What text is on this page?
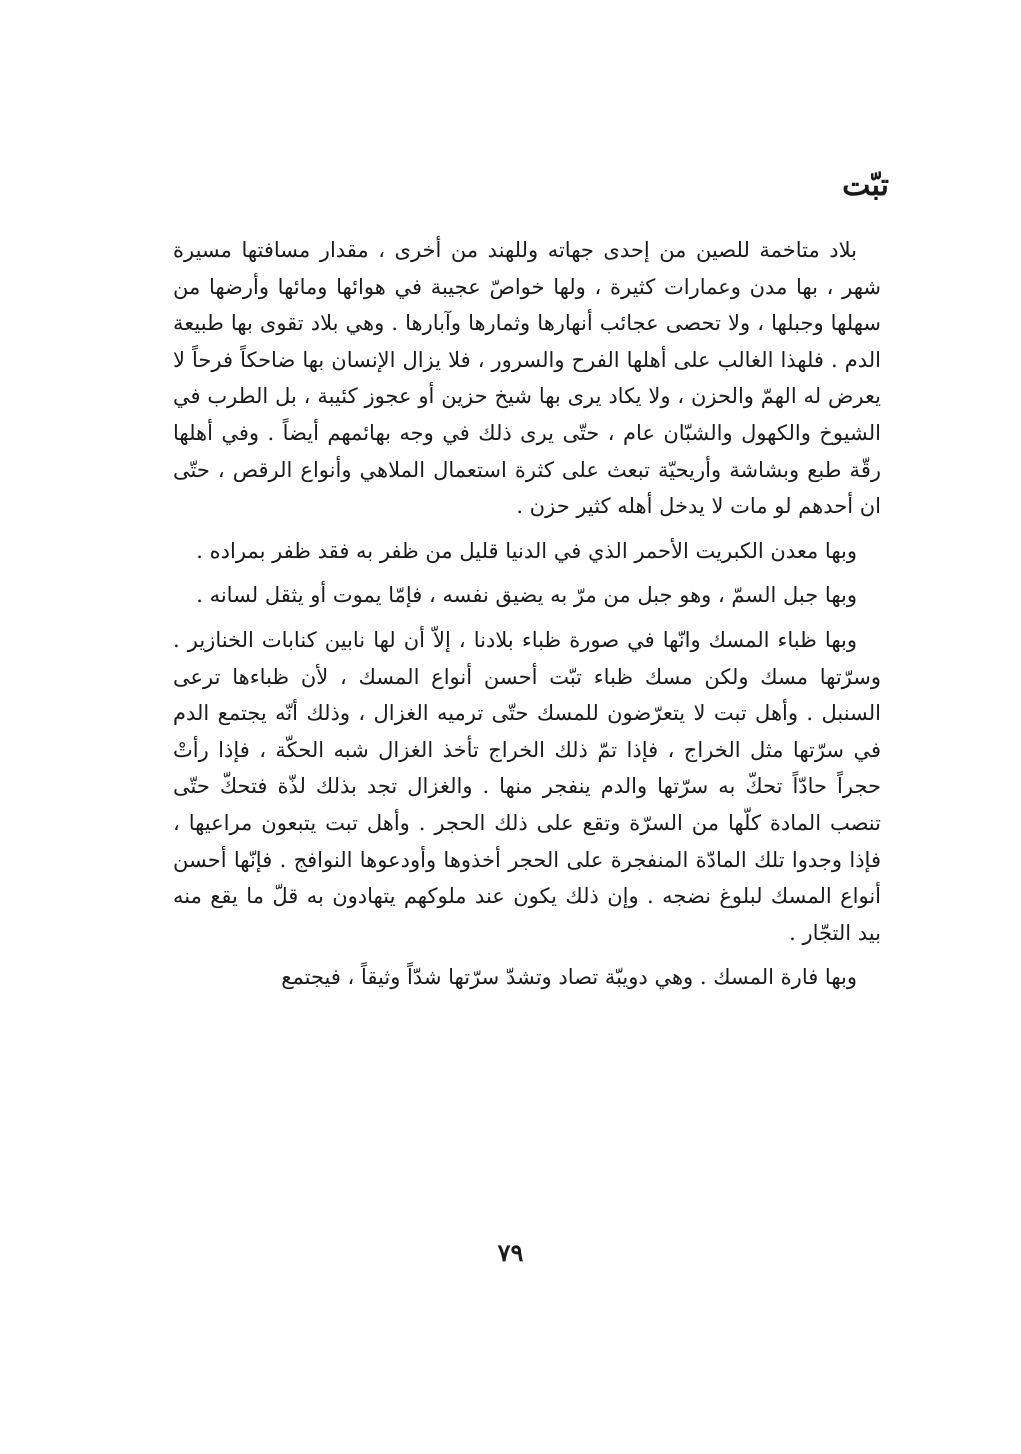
تبّت

بلاد متاخمة للصين من إحدى جهاته وللهند من أخرى ، مقدار مسافتها مسيرة شهر ، بها مدن وعمارات كثيرة ، ولها خواصّ عجيبة في هوائها ومائها وأرضها من سهلها وجبلها ، ولا تحصى عجائب أنهارها وثمارها وآبارها . وهي بلاد تقوى بها طبيعة الدم . فلهذا الغالب على أهلها الفرح والسرور ، فلا يزال الإنسان بها ضاحكاً فرحاً لا يعرض له الهمّ والحزن ، ولا يكاد يرى بها شيخ حزين أو عجوز كئيبة ، بل الطرب في الشيوخ والكهول والشبّان عام ، حتّى يرى ذلك في وجه بهائمهم أيضاً . وفي أهلها رقّة طبع وبشاشة وأريحيّة تبعث على كثرة استعمال الملاهي وأنواع الرقص ، حتّى ان أحدهم لو مات لا يدخل أهله كثير حزن .

وبها معدن الكبريت الأحمر الذي في الدنيا قليل من ظفر به فقد ظفر بمراده .

وبها جبل السمّ ، وهو جبل من مرّ به يضيق نفسه ، فإمّا يموت أو يثقل لسانه .

وبها ظباء المسك وانّها في صورة ظباء بلادنا ، إلاّ أن لها نابين كنابات الخنازير . وسرّتها مسك ولكن مسك ظباء تبّت أحسن أنواع المسك ، لأن ظباءها ترعى السنبل . وأهل تبت لا يتعرّضون للمسك حتّى ترميه الغزال ، وذلك أنّه يجتمع الدم في سرّتها مثل الخراج ، فإذا تمّ ذلك الخراج تأخذ الغزال شبه الحكّة ، فإذا رأتْ حجراً حادّاً تحكّ به سرّتها والدم ينفجر منها . والغزال تجد بذلك لذّة فتحكّ حتّى تنصب المادة كلّها من السرّة وتقع على ذلك الحجر . وأهل تبت يتبعون مراعيها ، فإذا وجدوا تلك المادّة المنفجرة على الحجر أخذوها وأودعوها النوافج . فإنّها أحسن أنواع المسك لبلوغ نضجه . وإن ذلك يكون عند ملوكهم يتهادون به قلّ ما يقع منه بيد التجّار .

وبها فارة المسك . وهي دويبّة تصاد وتشدّ سرّتها شدّاً وثيقاً ، فيجتمع

٧٩
